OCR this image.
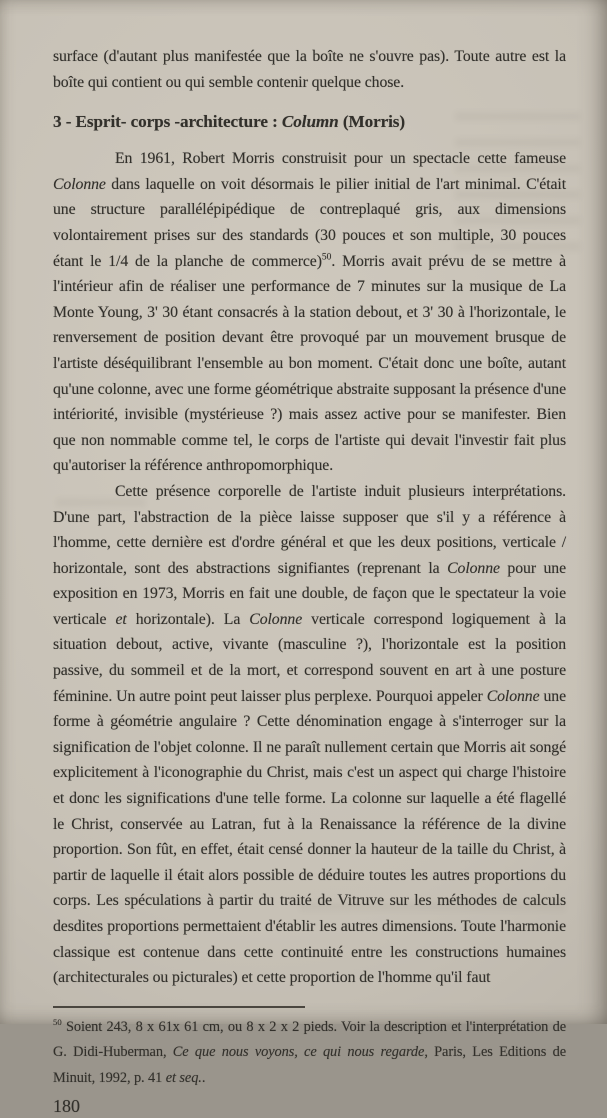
surface (d'autant plus manifestée que la boîte ne s'ouvre pas). Toute autre est la boîte qui contient ou qui semble contenir quelque chose.

3 - Esprit- corps -architecture : Column (Morris)

En 1961, Robert Morris construisit pour un spectacle cette fameuse Colonne dans laquelle on voit désormais le pilier initial de l'art minimal. C'était une structure parallélépipédique de contreplaqué gris, aux dimensions volontairement prises sur des standards (30 pouces et son multiple, 30 pouces étant le 1/4 de la planche de commerce)$^{50}$. Morris avait prévu de se mettre à l'intérieur afin de réaliser une performance de 7 minutes sur la musique de La Monte Young, 3' 30 étant consacrés à la station debout, et 3' 30 à l'horizontale, le renversement de position devant être provoqué par un mouvement brusque de l'artiste déséquilibrant l'ensemble au bon moment. C'était donc une boîte, autant qu'une colonne, avec une forme géométrique abstraite supposant la présence d'une intériorité, invisible (mystérieuse ?) mais assez active pour se manifester. Bien que non nommable comme tel, le corps de l'artiste qui devait l'investir fait plus qu'autoriser la référence anthropomorphique.

Cette présence corporelle de l'artiste induit plusieurs interprétations. D'une part, l'abstraction de la pièce laisse supposer que s'il y a référence à l'homme, cette dernière est d'ordre général et que les deux positions, verticale / horizontale, sont des abstractions signifiantes (reprenant la Colonne pour une exposition en 1973, Morris en fait une double, de façon que le spectateur la voie verticale et horizontale). La Colonne verticale correspond logiquement à la situation debout, active, vivante (masculine ?), l'horizontale est la position passive, du sommeil et de la mort, et correspond souvent en art à une posture féminine. Un autre point peut laisser plus perplexe. Pourquoi appeler Colonne une forme à géométrie angulaire ? Cette dénomination engage à s'interroger sur la signification de l'objet colonne. Il ne paraît nullement certain que Morris ait songé explicitement à l'iconographie du Christ, mais c'est un aspect qui charge l'histoire et donc les significations d'une telle forme. La colonne sur laquelle a été flagellé le Christ, conservée au Latran, fut à la Renaissance la référence de la divine proportion. Son fût, en effet, était censé donner la hauteur de la taille du Christ, à partir de laquelle il était alors possible de déduire toutes les autres proportions du corps. Les spéculations à partir du traité de Vitruve sur les méthodes de calculs desdites proportions permettaient d'établir les autres dimensions. Toute l'harmonie classique est contenue dans cette continuité entre les constructions humaines (architecturales ou picturales) et cette proportion de l'homme qu'il faut

$^{50}$ Soient 243, 8 x 61x 61 cm, ou 8 x 2 x 2 pieds. Voir la description et l'interprétation de G. Didi-Huberman, Ce que nous voyons, ce qui nous regarde, Paris, Les Editions de Minuit, 1992, p. 41 et seq..

180
